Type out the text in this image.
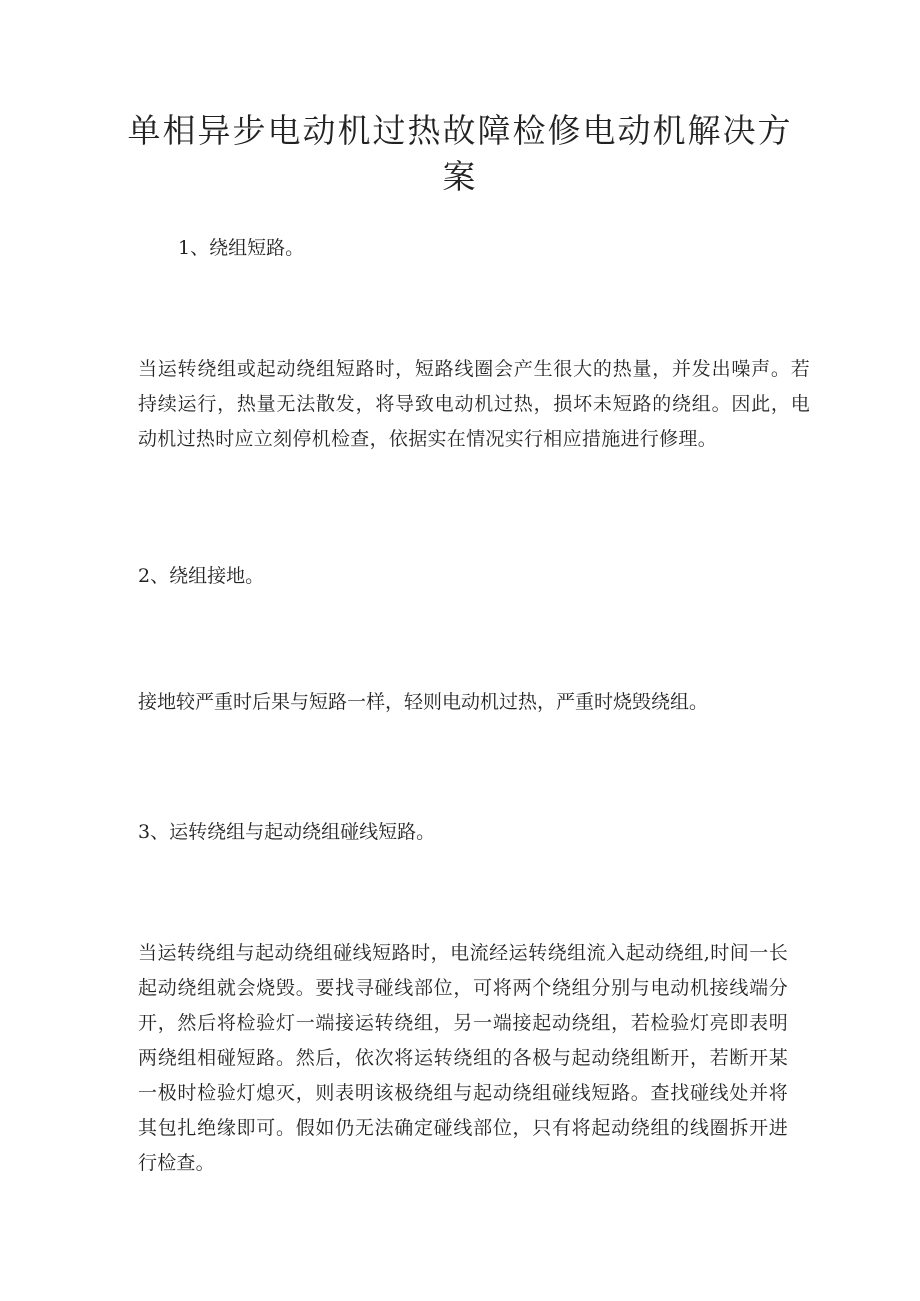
单相异步电动机过热故障检修电动机解决方
案

1、绕组短路。

当运转绕组或起动绕组短路时，短路线圈会产生很大的热量，并发出噪声。若持续运行，热量无法散发，将导致电动机过热，损坏未短路的绕组。因此，电动机过热时应立刻停机检查，依据实在情况实行相应措施进行修理。

2、绕组接地。

接地较严重时后果与短路一样，轻则电动机过热，严重时烧毁绕组。

3、运转绕组与起动绕组碰线短路。

当运转绕组与起动绕组碰线短路时，电流经运转绕组流入起动绕组,时间一长起动绕组就会烧毁。要找寻碰线部位，可将两个绕组分别与电动机接线端分开，然后将检验灯一端接运转绕组，另一端接起动绕组，若检验灯亮即表明两绕组相碰短路。然后，依次将运转绕组的各极与起动绕组断开，若断开某一极时检验灯熄灭，则表明该极绕组与起动绕组碰线短路。查找碰线处并将其包扎绝缘即可。假如仍无法确定碰线部位，只有将起动绕组的线圈拆开进行检查。
